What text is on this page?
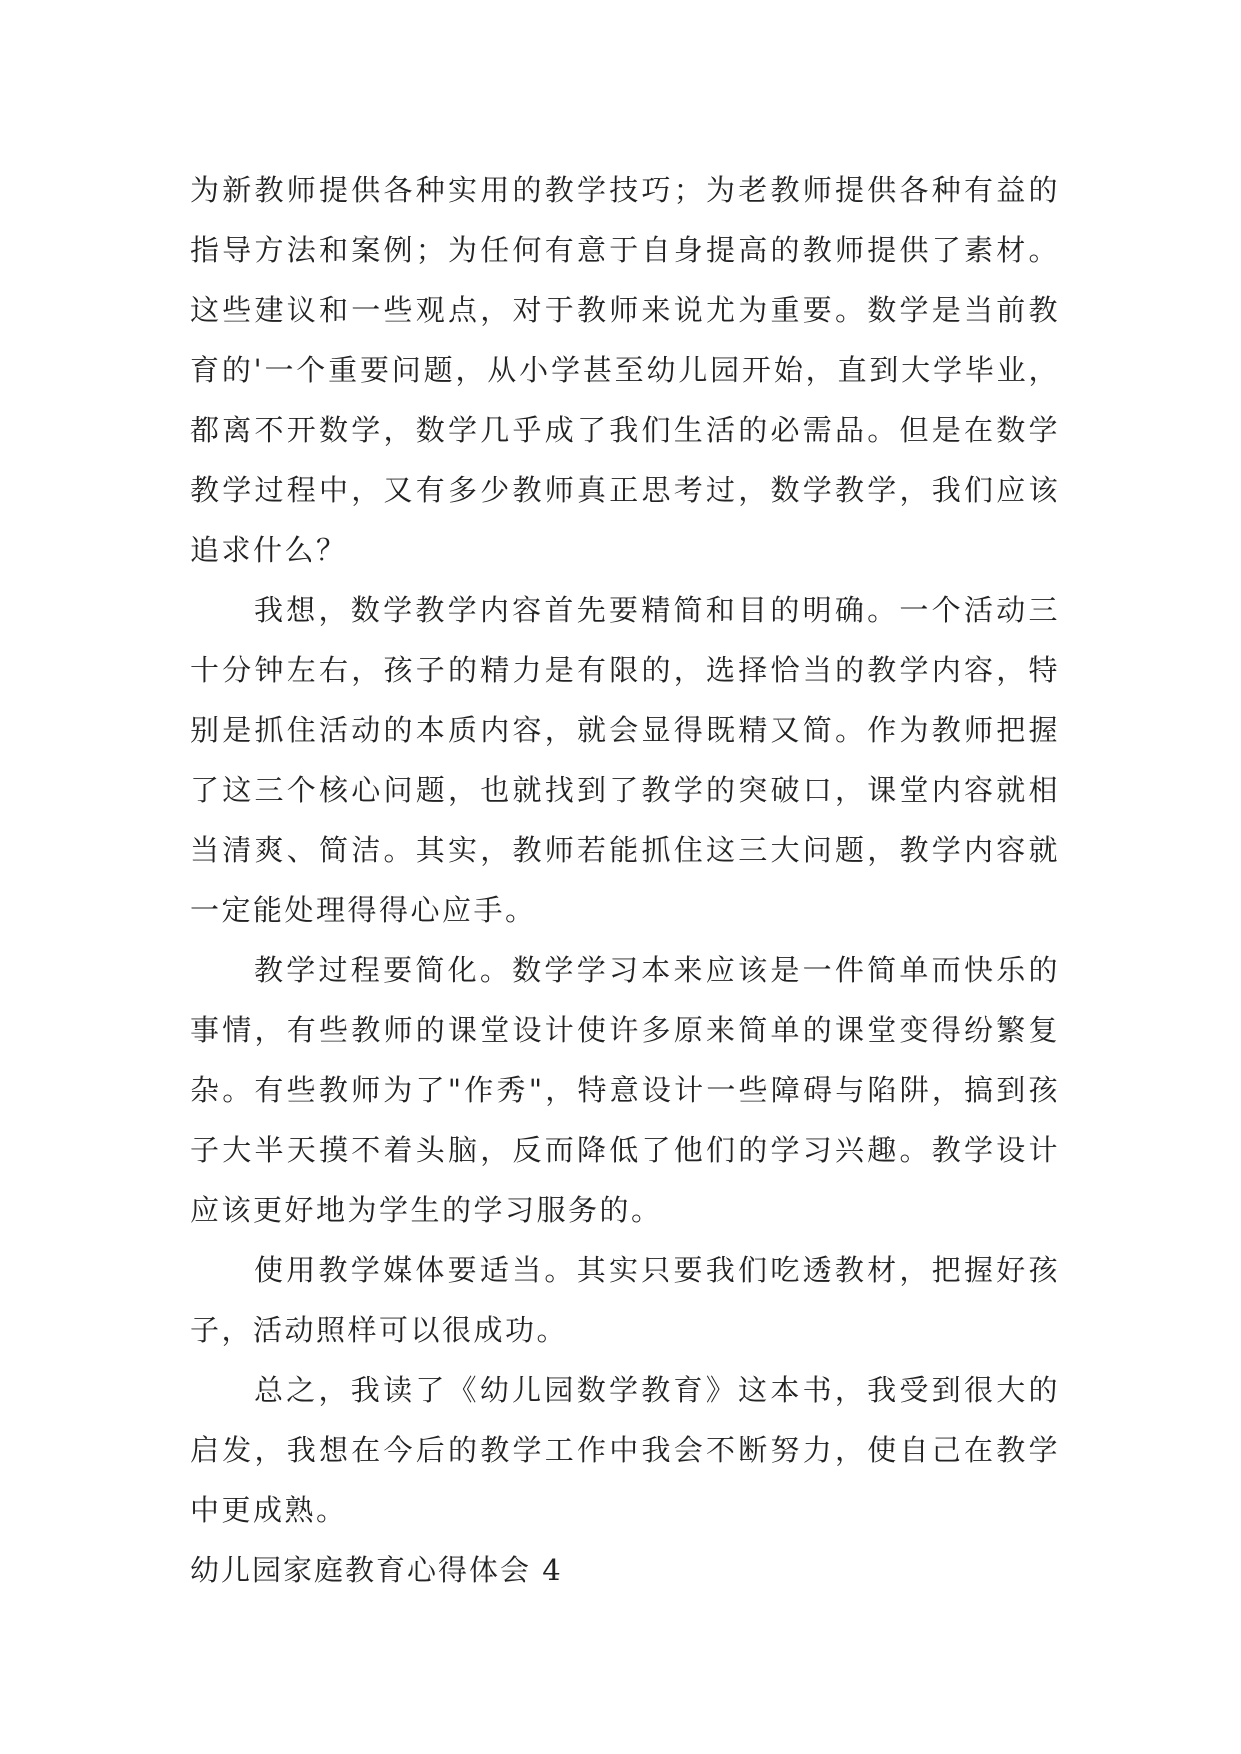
为新教师提供各种实用的教学技巧；为老教师提供各种有益的指导方法和案例；为任何有意于自身提高的教师提供了素材。这些建议和一些观点，对于教师来说尤为重要。数学是当前教育的'一个重要问题，从小学甚至幼儿园开始，直到大学毕业，都离不开数学，数学几乎成了我们生活的必需品。但是在数学教学过程中，又有多少教师真正思考过，数学教学，我们应该追求什么？

我想，数学教学内容首先要精简和目的明确。一个活动三十分钟左右，孩子的精力是有限的，选择恰当的教学内容，特别是抓住活动的本质内容，就会显得既精又简。作为教师把握了这三个核心问题，也就找到了教学的突破口，课堂内容就相当清爽、简洁。其实，教师若能抓住这三大问题，教学内容就一定能处理得得心应手。

教学过程要简化。数学学习本来应该是一件简单而快乐的事情，有些教师的课堂设计使许多原来简单的课堂变得纷繁复杂。有些教师为了"作秀"，特意设计一些障碍与陷阱，搞到孩子大半天摸不着头脑，反而降低了他们的学习兴趣。教学设计应该更好地为学生的学习服务的。

使用教学媒体要适当。其实只要我们吃透教材，把握好孩子，活动照样可以很成功。

总之，我读了《幼儿园数学教育》这本书，我受到很大的启发，我想在今后的教学工作中我会不断努力，使自己在教学中更成熟。

幼儿园家庭教育心得体会 4
